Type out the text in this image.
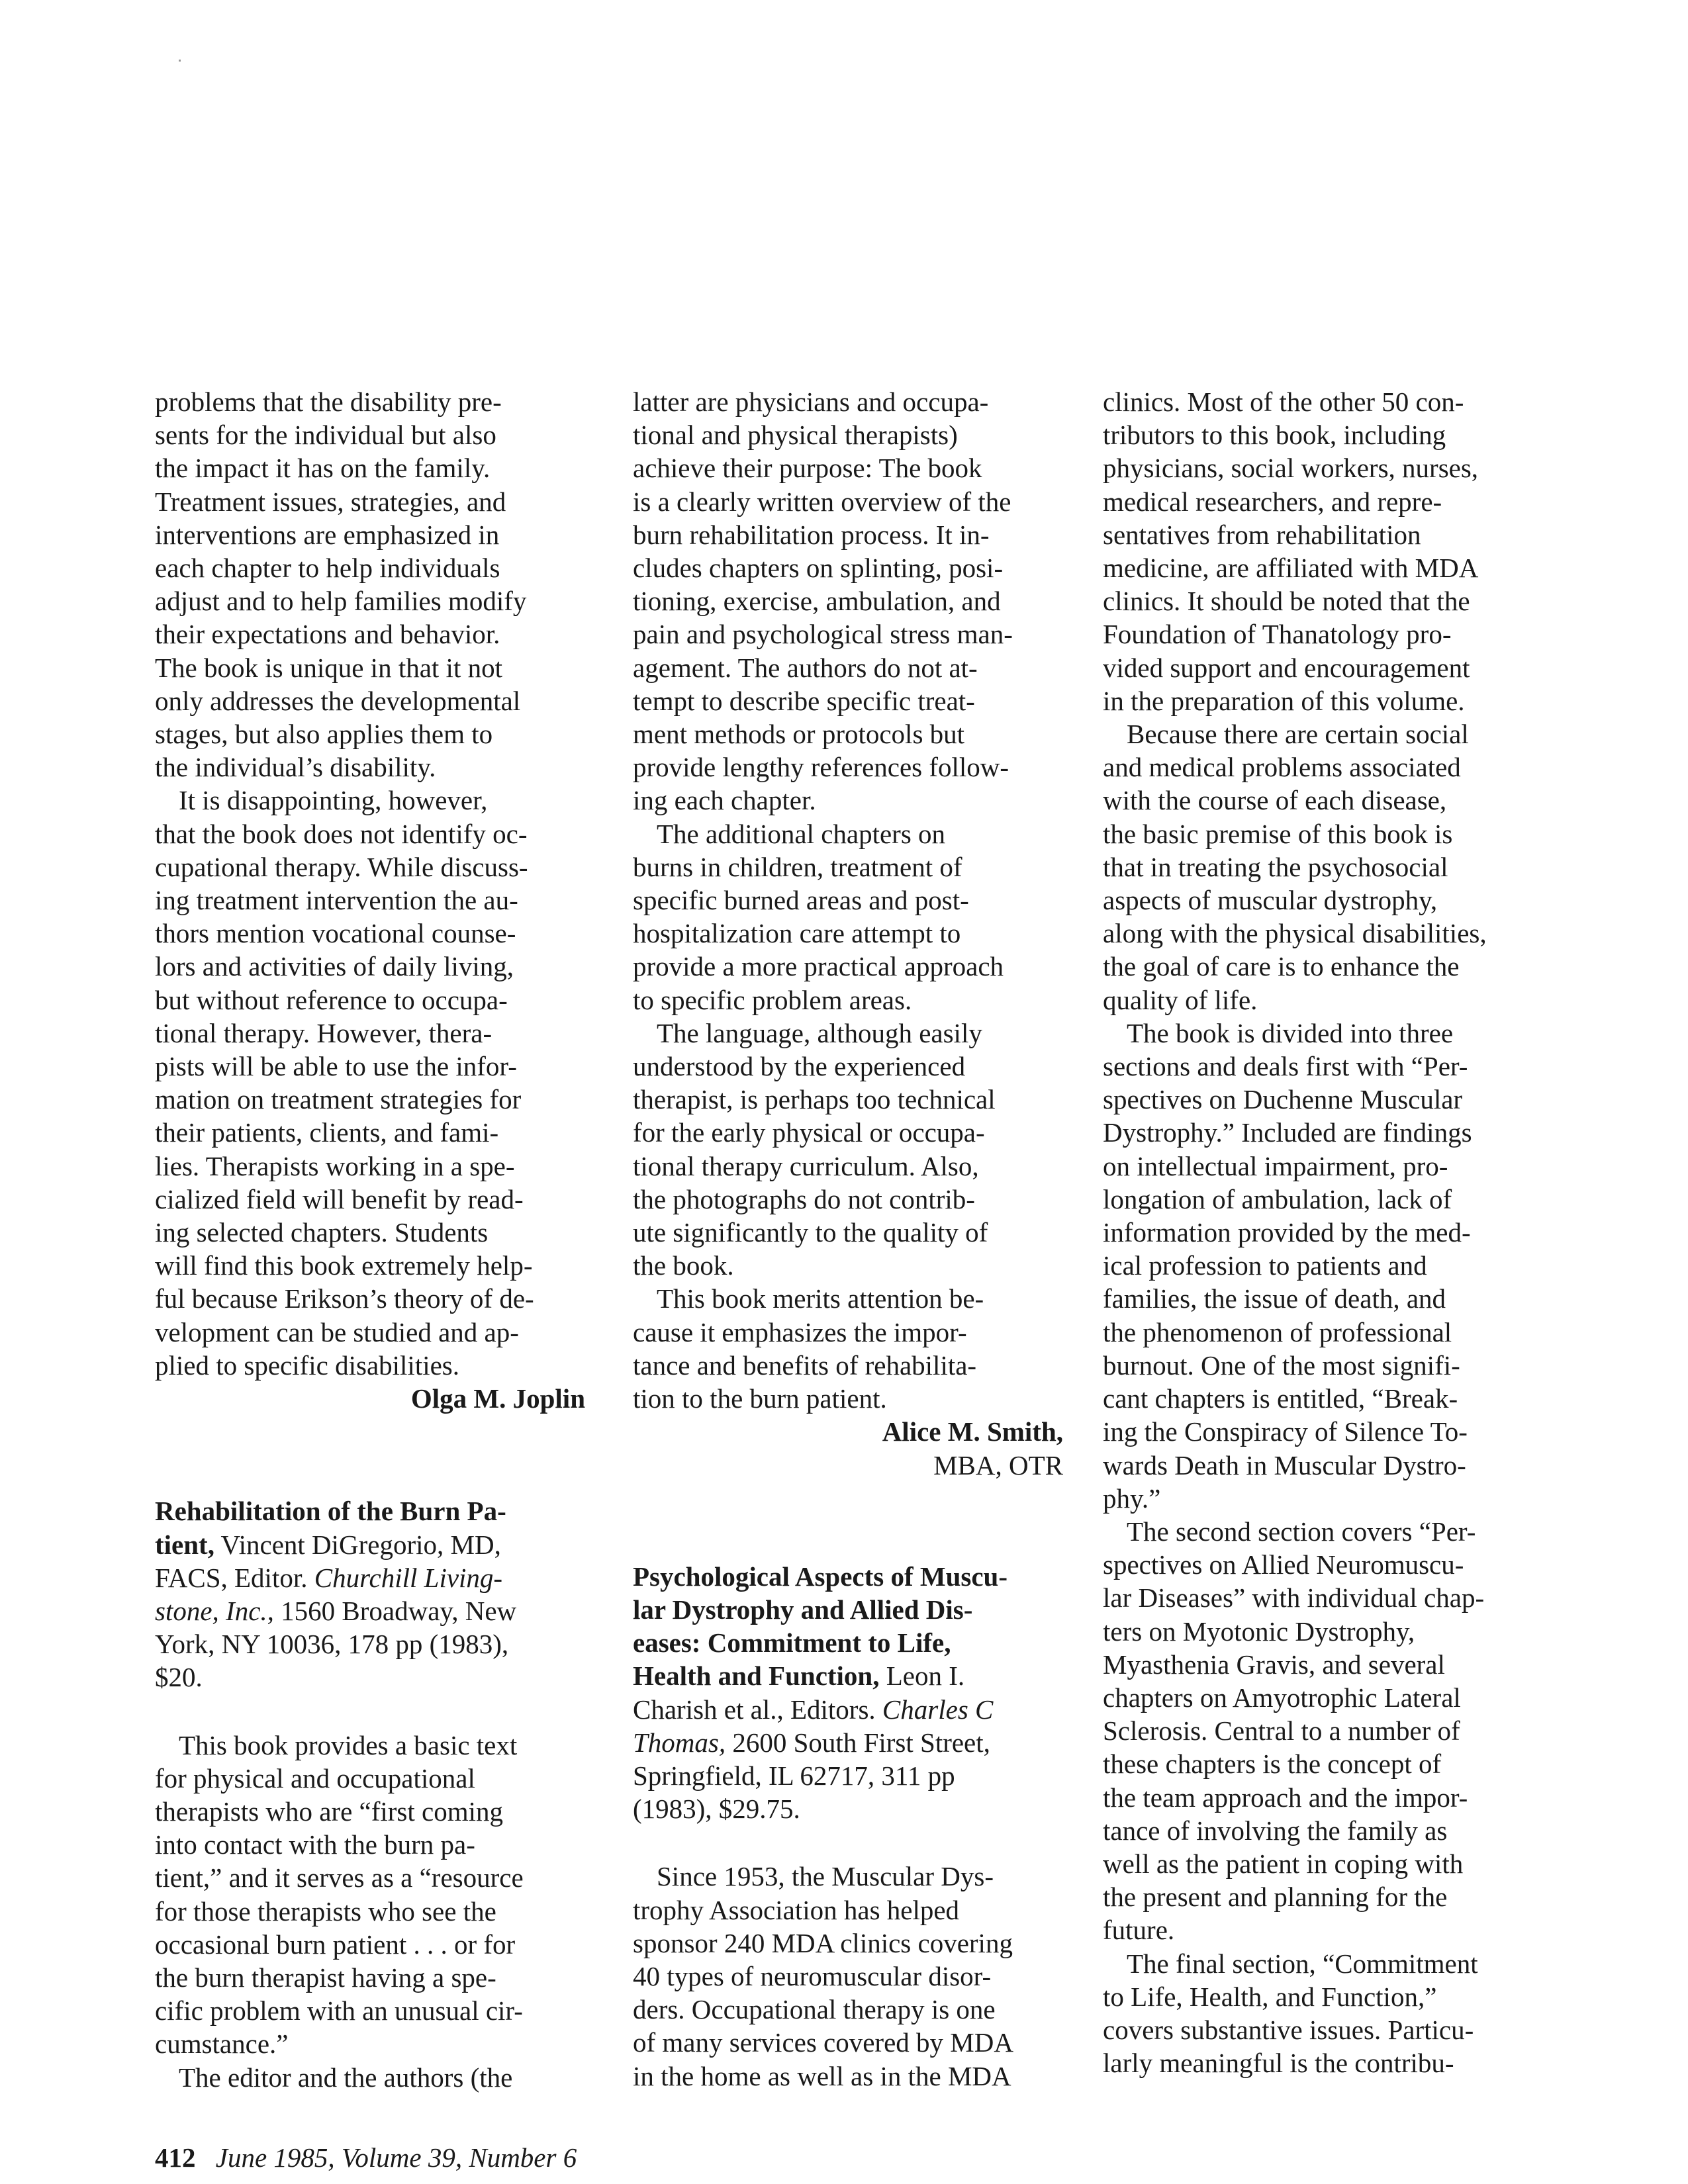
problems that the disability pre-
sents for the individual but also
the impact it has on the family.
Treatment issues, strategies, and
interventions are emphasized in
each chapter to help individuals
adjust and to help families modify
their expectations and behavior.
The book is unique in that it not
only addresses the developmental
stages, but also applies them to
the individual’s disability.

It is disappointing, however,
that the book does not identify oc-
cupational therapy. While discuss-
ing treatment intervention the au-
thors mention vocational counse-
lors and activities of daily living,
but without reference to occupa-
tional therapy. However, thera-
pists will be able to use the infor-
mation on treatment strategies for
their patients, clients, and fami-
lies. Therapists working in a spe-
cialized field will benefit by read-
ing selected chapters. Students
will find this book extremely help-
ful because Erikson’s theory of de-
velopment can be studied and ap-
plied to specific disabilities.

Olga M. Joplin

Rehabilitation of the Burn Pa-
tient, Vincent DiGregorio, MD,
FACS, Editor. Churchill Living-
stone, Inc., 1560 Broadway, New
York, NY 10036, 178 pp (1983),
$20.

This book provides a basic text
for physical and occupational
therapists who are “first coming
into contact with the burn pa-
tient,” and it serves as a “resource
for those therapists who see the
occasional burn patient . . . or for
the burn therapist having a spe-
cific problem with an unusual cir-
cumstance.”

The editor and the authors (the

latter are physicians and occupa-
tional and physical therapists)
achieve their purpose: The book
is a clearly written overview of the
burn rehabilitation process. It in-
cludes chapters on splinting, posi-
tioning, exercise, ambulation, and
pain and psychological stress man-
agement. The authors do not at-
tempt to describe specific treat-
ment methods or protocols but
provide lengthy references follow-
ing each chapter.

The additional chapters on
burns in children, treatment of
specific burned areas and post-
hospitalization care attempt to
provide a more practical approach
to specific problem areas.

The language, although easily
understood by the experienced
therapist, is perhaps too technical
for the early physical or occupa-
tional therapy curriculum. Also,
the photographs do not contrib-
ute significantly to the quality of
the book.

This book merits attention be-
cause it emphasizes the impor-
tance and benefits of rehabilita-
tion to the burn patient.

Alice M. Smith,
MBA, OTR

Psychological Aspects of Muscu-
lar Dystrophy and Allied Dis-
eases: Commitment to Life,
Health and Function, Leon I.
Charish et al., Editors. Charles C
Thomas, 2600 South First Street,
Springfield, IL 62717, 311 pp
(1983), $29.75.

Since 1953, the Muscular Dys-
trophy Association has helped
sponsor 240 MDA clinics covering
40 types of neuromuscular disor-
ders. Occupational therapy is one
of many services covered by MDA
in the home as well as in the MDA

clinics. Most of the other 50 con-
tributors to this book, including
physicians, social workers, nurses,
medical researchers, and repre-
sentatives from rehabilitation
medicine, are affiliated with MDA
clinics. It should be noted that the
Foundation of Thanatology pro-
vided support and encouragement
in the preparation of this volume.

Because there are certain social
and medical problems associated
with the course of each disease,
the basic premise of this book is
that in treating the psychosocial
aspects of muscular dystrophy,
along with the physical disabilities,
the goal of care is to enhance the
quality of life.

The book is divided into three
sections and deals first with “Per-
spectives on Duchenne Muscular
Dystrophy.” Included are findings
on intellectual impairment, pro-
longation of ambulation, lack of
information provided by the med-
ical profession to patients and
families, the issue of death, and
the phenomenon of professional
burnout. One of the most signifi-
cant chapters is entitled, “Break-
ing the Conspiracy of Silence To-
wards Death in Muscular Dystro-
phy.”

The second section covers “Per-
spectives on Allied Neuromuscu-
lar Diseases” with individual chap-
ters on Myotonic Dystrophy,
Myasthenia Gravis, and several
chapters on Amyotrophic Lateral
Sclerosis. Central to a number of
these chapters is the concept of
the team approach and the impor-
tance of involving the family as
well as the patient in coping with
the present and planning for the
future.

The final section, “Commitment
to Life, Health, and Function,”
covers substantive issues. Particu-
larly meaningful is the contribu-

412 June 1985, Volume 39, Number 6
